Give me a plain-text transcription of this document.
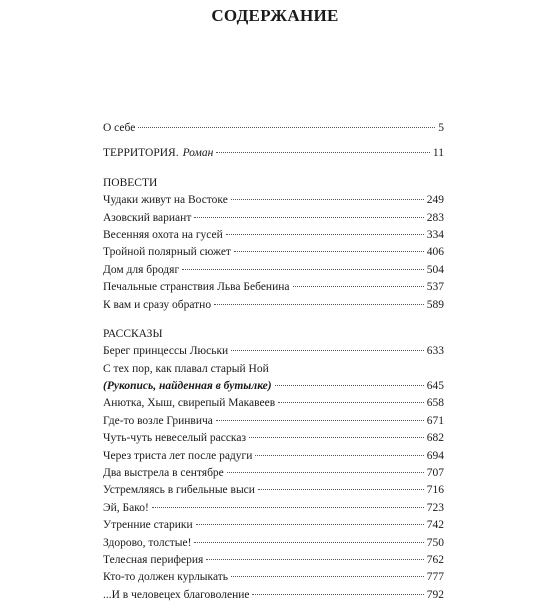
СОДЕРЖАНИЕ
О себе	5
ТЕРРИТОРИЯ. Роман	11
ПОВЕСТИ
Чудаки живут на Востоке	249
Азовский вариант	283
Весенняя охота на гусей	334
Тройной полярный сюжет	406
Дом для бродяг	504
Печальные странствия Льва Бебенина	537
К вам и сразу обратно	589
РАССКАЗЫ
Берег принцессы Люськи	633
С тех пор, как плавал старый Ной
(Рукопись, найденная в бутылке)	645
Анютка, Хыш, свирепый Макавеев	658
Где-то возле Гринвича	671
Чуть-чуть невеселый рассказ	682
Через триста лет после радуги	694
Два выстрела в сентябре	707
Устремляясь в гибельные выси	716
Эй, Бако!	723
Утренние старики	742
Здорово, толстые!	750
Телесная периферия	762
Кто-то должен курлыкать	777
...И в человецех благоволение	792
